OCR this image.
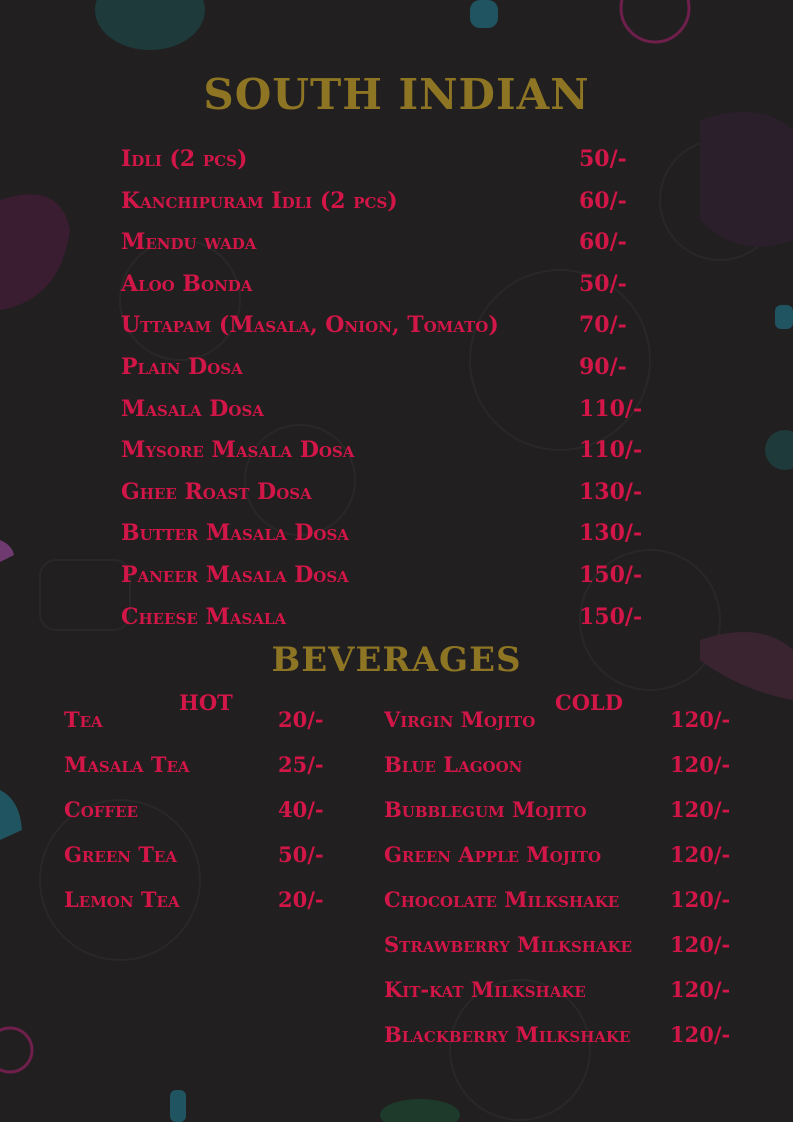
SOUTH INDIAN
Idli (2 pcs)	50/-
Kanchipuram Idli (2 pcs)	60/-
Mendu wada	60/-
Aloo Bonda	50/-
Uttapam (Masala, Onion, Tomato)	70/-
Plain Dosa	90/-
Masala Dosa	110/-
Mysore Masala Dosa	110/-
Ghee Roast Dosa	130/-
Butter Masala Dosa	130/-
Paneer Masala Dosa	150/-
Cheese Masala	150/-
BEVERAGES
HOT	COLD
Tea	20/-
Masala Tea	25/-
Coffee	40/-
Green Tea	50/-
Lemon Tea	20/-
Virgin Mojito	120/-
Blue Lagoon	120/-
Bubblegum Mojito	120/-
Green Apple Mojito	120/-
Chocolate Milkshake 120/-
Strawberry Milkshake 120/-
Kit-kat Milkshake	120/-
Blackberry Milkshake 120/-
